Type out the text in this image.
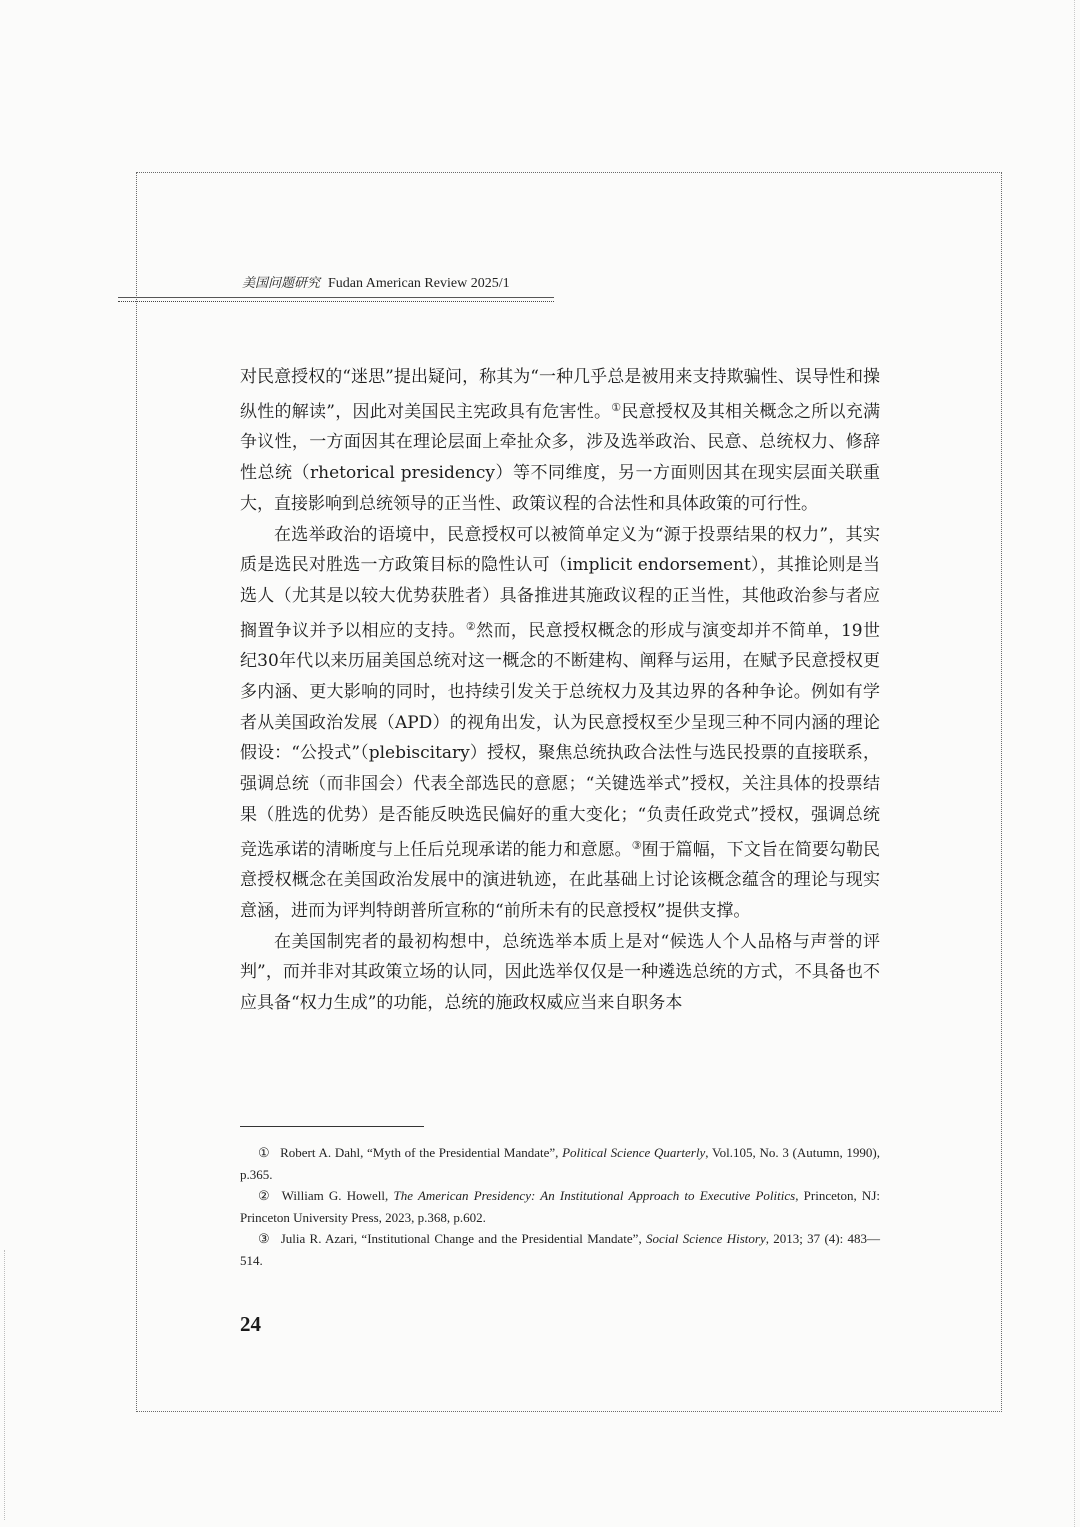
美国问题研究 Fudan American Review 2025/1

对民意授权的“迷思”提出疑问，称其为“一种几乎总是被用来支持欺骗性、误导性和操纵性的解读”，因此对美国民主宪政具有危害性。①民意授权及其相关概念之所以充满争议性，一方面因其在理论层面上牵扯众多，涉及选举政治、民意、总统权力、修辞性总统（rhetorical presidency）等不同维度，另一方面则因其在现实层面关联重大，直接影响到总统领导的正当性、政策议程的合法性和具体政策的可行性。

在选举政治的语境中，民意授权可以被简单定义为“源于投票结果的权力”，其实质是选民对胜选一方政策目标的隐性认可（implicit endorsement），其推论则是当选人（尤其是以较大优势获胜者）具备推进其施政议程的正当性，其他政治参与者应搁置争议并予以相应的支持。②然而，民意授权概念的形成与演变却并不简单，19世纪30年代以来历届美国总统对这一概念的不断建构、阐释与运用，在赋予民意授权更多内涵、更大影响的同时，也持续引发关于总统权力及其边界的各种争论。例如有学者从美国政治发展（APD）的视角出发，认为民意授权至少呈现三种不同内涵的理论假设：“公投式”（plebiscitary）授权，聚焦总统执政合法性与选民投票的直接联系，强调总统（而非国会）代表全部选民的意愿；“关键选举式”授权，关注具体的投票结果（胜选的优势）是否能反映选民偏好的重大变化；“负责任政党式”授权，强调总统竞选承诺的清晰度与上任后兑现承诺的能力和意愿。③囿于篇幅，下文旨在简要勾勒民意授权概念在美国政治发展中的演进轨迹，在此基础上讨论该概念蕴含的理论与现实意涵，进而为评判特朗普所宣称的“前所未有的民意授权”提供支撑。

在美国制宪者的最初构想中，总统选举本质上是对“候选人个人品格与声誉的评判”，而并非对其政策立场的认同，因此选举仅仅是一种遴选总统的方式，不具备也不应具备“权力生成”的功能，总统的施政权威应当来自职务本

① Robert A. Dahl, “Myth of the Presidential Mandate”, Political Science Quarterly, Vol.105, No. 3 (Autumn, 1990), p.365.

② William G. Howell, The American Presidency: An Institutional Approach to Executive Politics, Princeton, NJ: Princeton University Press, 2023, p.368, p.602.

③ Julia R. Azari, “Institutional Change and the Presidential Mandate”, Social Science History, 2013; 37 (4): 483—514.

24
